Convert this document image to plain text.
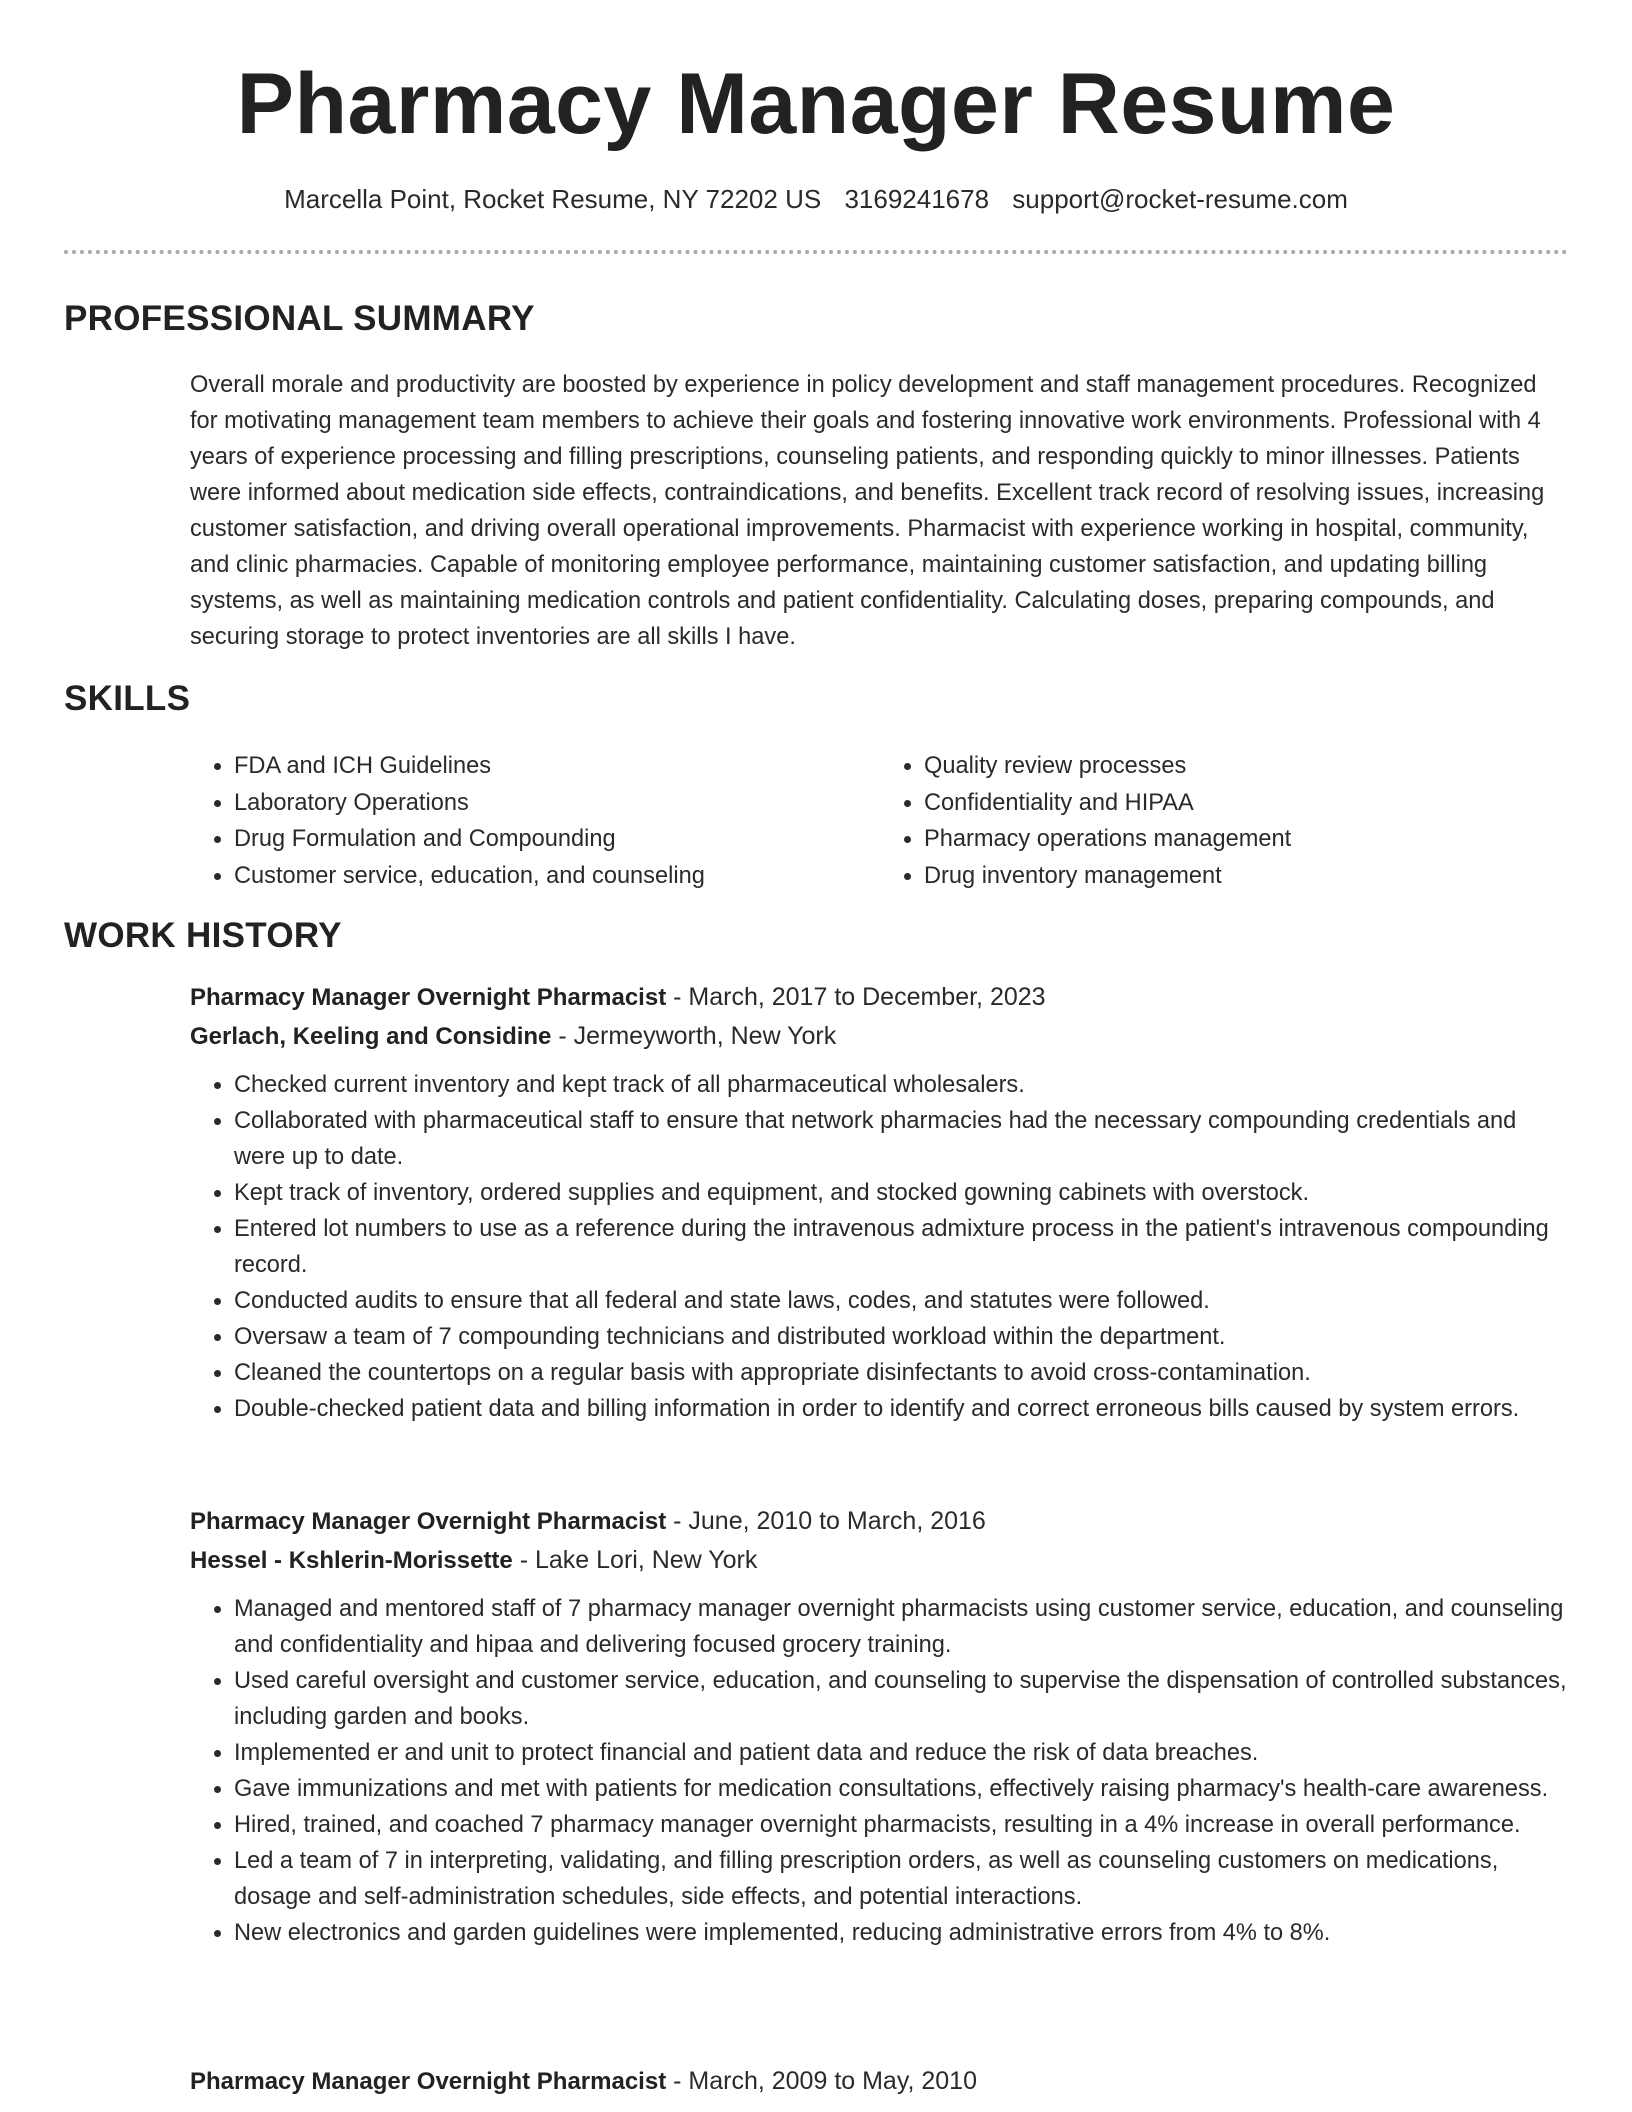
Pharmacy Manager Resume
Marcella Point, Rocket Resume, NY 72202 US 3169241678 support@rocket-resume.com
PROFESSIONAL SUMMARY
Overall morale and productivity are boosted by experience in policy development and staff management procedures. Recognized for motivating management team members to achieve their goals and fostering innovative work environments. Professional with 4 years of experience processing and filling prescriptions, counseling patients, and responding quickly to minor illnesses. Patients were informed about medication side effects, contraindications, and benefits. Excellent track record of resolving issues, increasing customer satisfaction, and driving overall operational improvements. Pharmacist with experience working in hospital, community, and clinic pharmacies. Capable of monitoring employee performance, maintaining customer satisfaction, and updating billing systems, as well as maintaining medication controls and patient confidentiality. Calculating doses, preparing compounds, and securing storage to protect inventories are all skills I have.
SKILLS
• FDA and ICH Guidelines
• Laboratory Operations
• Drug Formulation and Compounding
• Customer service, education, and counseling
• Quality review processes
• Confidentiality and HIPAA
• Pharmacy operations management
• Drug inventory management
WORK HISTORY
Pharmacy Manager Overnight Pharmacist - March, 2017 to December, 2023
Gerlach, Keeling and Considine - Jermeyworth, New York
• Checked current inventory and kept track of all pharmaceutical wholesalers.
• Collaborated with pharmaceutical staff to ensure that network pharmacies had the necessary compounding credentials and were up to date.
• Kept track of inventory, ordered supplies and equipment, and stocked gowning cabinets with overstock.
• Entered lot numbers to use as a reference during the intravenous admixture process in the patient's intravenous compounding record.
• Conducted audits to ensure that all federal and state laws, codes, and statutes were followed.
• Oversaw a team of 7 compounding technicians and distributed workload within the department.
• Cleaned the countertops on a regular basis with appropriate disinfectants to avoid cross-contamination.
• Double-checked patient data and billing information in order to identify and correct erroneous bills caused by system errors.
Pharmacy Manager Overnight Pharmacist - June, 2010 to March, 2016
Hessel - Kshlerin-Morissette - Lake Lori, New York
• Managed and mentored staff of 7 pharmacy manager overnight pharmacists using customer service, education, and counseling and confidentiality and hipaa and delivering focused grocery training.
• Used careful oversight and customer service, education, and counseling to supervise the dispensation of controlled substances, including garden and books.
• Implemented er and unit to protect financial and patient data and reduce the risk of data breaches.
• Gave immunizations and met with patients for medication consultations, effectively raising pharmacy's health-care awareness.
• Hired, trained, and coached 7 pharmacy manager overnight pharmacists, resulting in a 4% increase in overall performance.
• Led a team of 7 in interpreting, validating, and filling prescription orders, as well as counseling customers on medications, dosage and self-administration schedules, side effects, and potential interactions.
• New electronics and garden guidelines were implemented, reducing administrative errors from 4% to 8%.
Pharmacy Manager Overnight Pharmacist - March, 2009 to May, 2010
